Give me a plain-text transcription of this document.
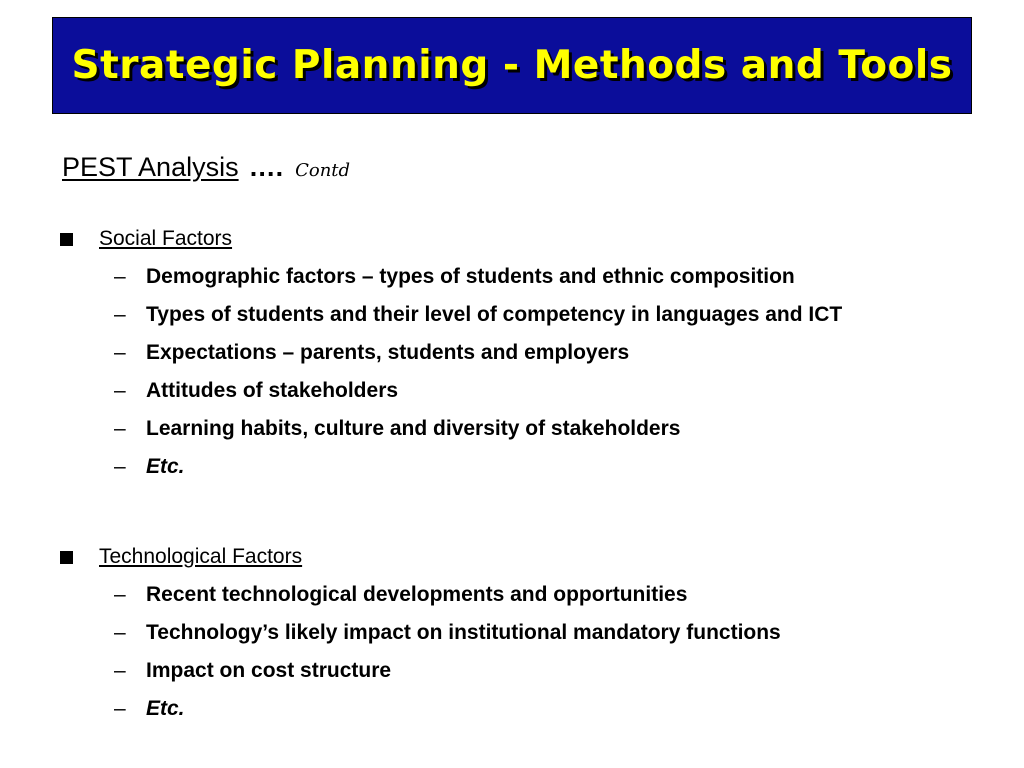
Strategic Planning - Methods and Tools
PEST Analysis …. Contd
Social Factors
– Demographic factors – types of students and ethnic composition
– Types of students and their level of competency in languages and ICT
– Expectations – parents, students and employers
– Attitudes of stakeholders
– Learning habits, culture and diversity of stakeholders
– Etc.
Technological Factors
– Recent technological developments and opportunities
– Technology’s likely impact on institutional mandatory functions
– Impact on cost structure
– Etc.
